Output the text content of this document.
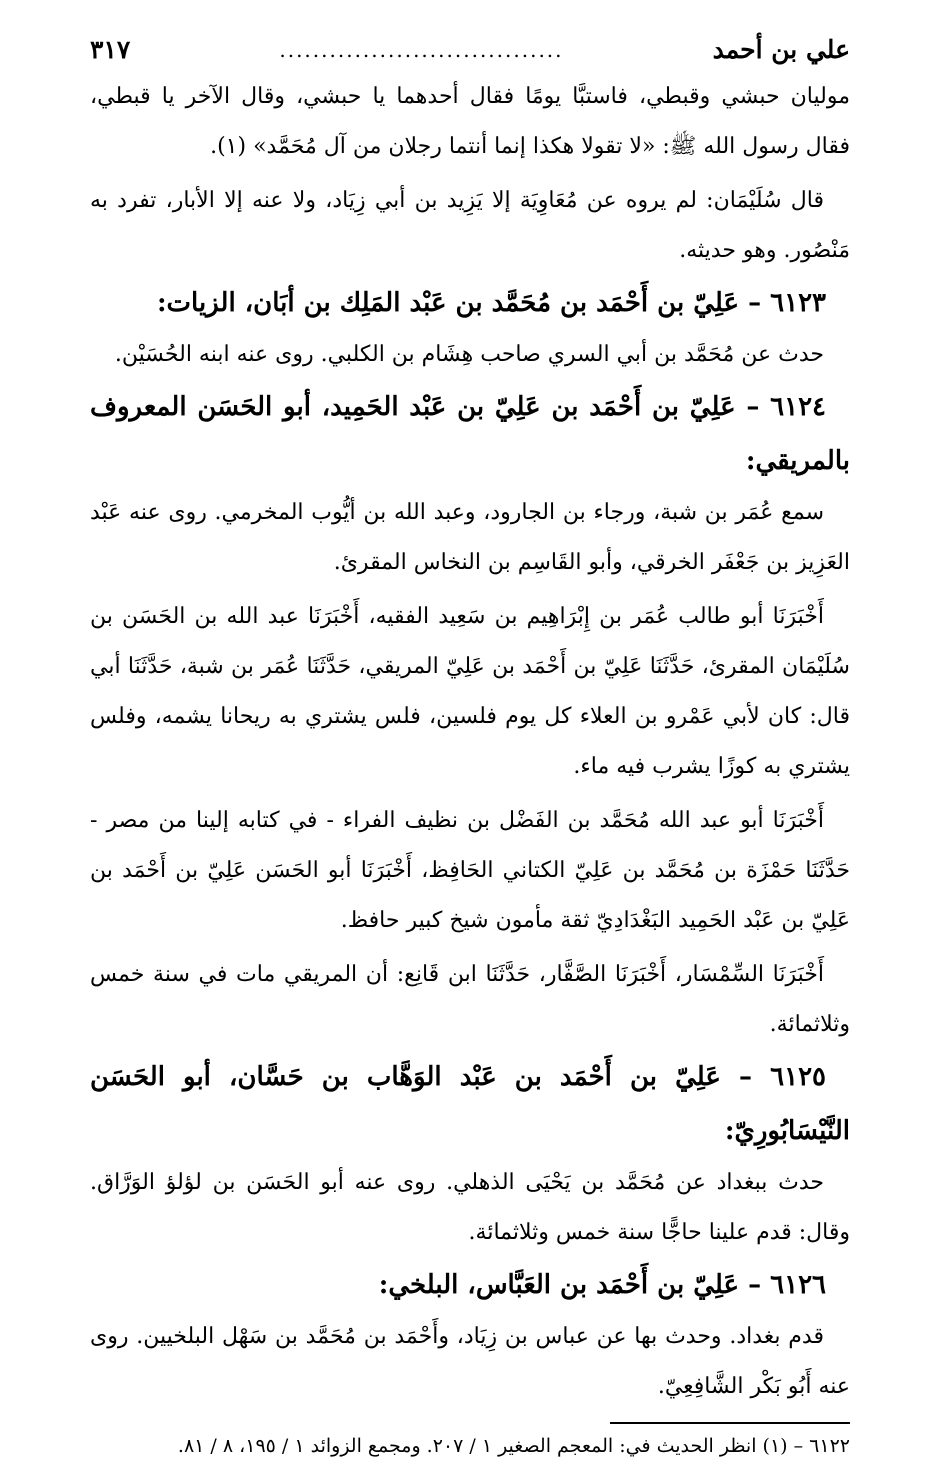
علي بن أحمد
..................................
٣١٧

موليان حبشي وقبطي، فاستبَّا يومًا فقال أحدهما يا حبشي، وقال الآخر يا قبطي، فقال رسول الله ﷺ: «لا تقولا هكذا إنما أنتما رجلان من آل مُحَمَّد» (١).

قال سُلَيْمَان: لم يروه عن مُعَاوِيَة إلا يَزِيد بن أبي زِيَاد، ولا عنه إلا الأبار، تفرد به مَنْصُور. وهو حديثه.

٦١٢٣ – عَلِيّ بن أَحْمَد بن مُحَمَّد بن عَبْد المَلِك بن أبَان، الزيات:

حدث عن مُحَمَّد بن أبي السري صاحب هِشَام بن الكلبي. روى عنه ابنه الحُسَيْن.

٦١٢٤ – عَلِيّ بن أَحْمَد بن عَلِيّ بن عَبْد الحَمِيد، أبو الحَسَن المعروف بالمريقي:

سمع عُمَر بن شبة، ورجاء بن الجارود، وعبد الله بن أيُّوب المخرمي. روى عنه عَبْد العَزِيز بن جَعْفَر الخرقي، وأبو القَاسِم بن النخاس المقرئ.

أَخْبَرَنَا أبو طالب عُمَر بن إِبْرَاهِيم بن سَعِيد الفقيه، أَخْبَرَنَا عبد الله بن الحَسَن بن سُلَيْمَان المقرئ، حَدَّثَنَا عَلِيّ بن أَحْمَد بن عَلِيّ المريقي، حَدَّثَنَا عُمَر بن شبة، حَدَّثَنَا أبي قال: كان لأبي عَمْرو بن العلاء كل يوم فلسين، فلس يشتري به ريحانا يشمه، وفلس يشتري به كوزًا يشرب فيه ماء.

أَخْبَرَنَا أبو عبد الله مُحَمَّد بن الفَضْل بن نظيف الفراء - في كتابه إلينا من مصر - حَدَّثَنَا حَمْزَة بن مُحَمَّد بن عَلِيّ الكتاني الحَافِظ، أَخْبَرَنَا أبو الحَسَن عَلِيّ بن أَحْمَد بن عَلِيّ بن عَبْد الحَمِيد البَغْدَادِيّ ثقة مأمون شيخ كبير حافظ.

أَخْبَرَنَا السِّمْسَار، أَخْبَرَنَا الصَّفَّار، حَدَّثَنَا ابن قَانِع: أن المريقي مات في سنة خمس وثلاثمائة.

٦١٢٥ – عَلِيّ بن أَحْمَد بن عَبْد الوَهَّاب بن حَسَّان، أبو الحَسَن النَّيْسَابُورِيّ:

حدث ببغداد عن مُحَمَّد بن يَحْيَى الذهلي. روى عنه أبو الحَسَن بن لؤلؤ الوَرَّاق. وقال: قدم علينا حاجًّا سنة خمس وثلاثمائة.

٦١٢٦ – عَلِيّ بن أَحْمَد بن العَبَّاس، البلخي:

قدم بغداد. وحدث بها عن عباس بن زِيَاد، وأَحْمَد بن مُحَمَّد بن سَهْل البلخيين. روى عنه أَبُو بَكْر الشَّافِعِيّ.

٦١٢٢ – (١) انظر الحديث في: المعجم الصغير ١ / ٢٠٧. ومجمع الزوائد ١ / ١٩٥، ٨ / ٨١.
